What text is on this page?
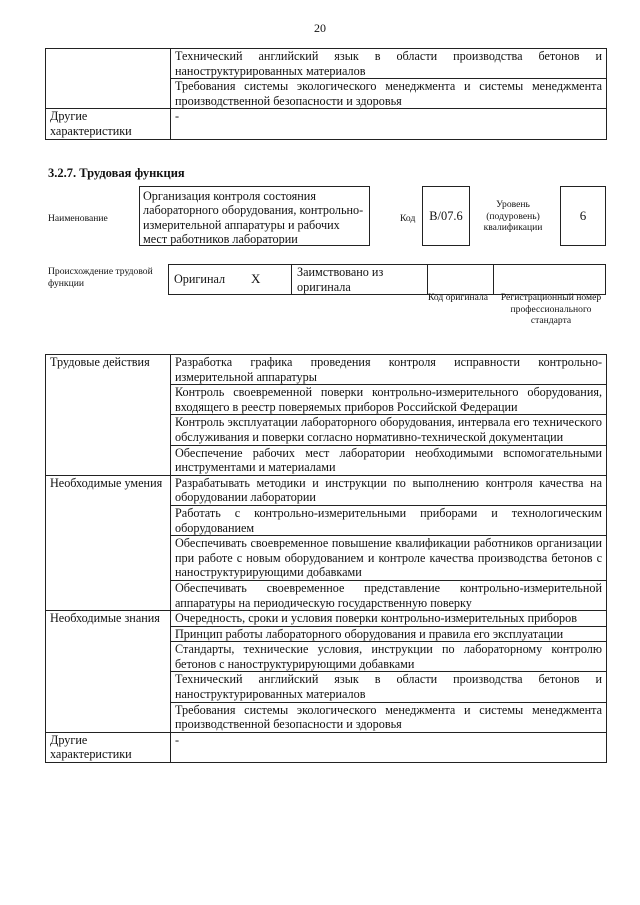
20
	Технический английский язык в области производства бетонов и наноструктурированных материалов
	Требования системы экологического менеджмента и системы менеджмента производственной безопасности и здоровья
Другие характеристики	-
3.2.7. Трудовая функция
Наименование
Организация контроля состояния лабораторного оборудования, контрольно-измерительной аппаратуры и рабочих мест работников лаборатории
Код	В/07.6
Уровень (подуровень) квалификации
6
Происхождение трудовой функции	Оригинал	X	Заимствовано из оригинала		
Код оригинала	Регистрационный номер профессионального стандарта
Трудовые действия	Разработка графика проведения контроля исправности контрольно-измерительной аппаратуры
	Контроль своевременной поверки контрольно-измерительного оборудования, входящего в реестр поверяемых приборов Российской Федерации
	Контроль эксплуатации лабораторного оборудования, интервала его технического обслуживания и поверки согласно нормативно-технической документации
	Обеспечение рабочих мест лаборатории необходимыми вспомогательными инструментами и материалами
Необходимые умения	Разрабатывать методики и инструкции по выполнению контроля качества на оборудовании лаборатории
	Работать с контрольно-измерительными приборами и технологическим оборудованием
	Обеспечивать своевременное повышение квалификации работников организации при работе с новым оборудованием и контроле качества производства бетонов с наноструктурирующими добавками
	Обеспечивать своевременное представление контрольно-измерительной аппаратуры на периодическую государственную поверку
Необходимые знания	Очередность, сроки и условия поверки контрольно-измерительных приборов
	Принцип работы лабораторного оборудования и правила его эксплуатации
	Стандарты, технические условия, инструкции по лабораторному контролю бетонов с наноструктурирующими добавками
	Технический английский язык в области производства бетонов и наноструктурированных материалов
	Требования системы экологического менеджмента и системы менеджмента производственной безопасности и здоровья
Другие характеристики	-
